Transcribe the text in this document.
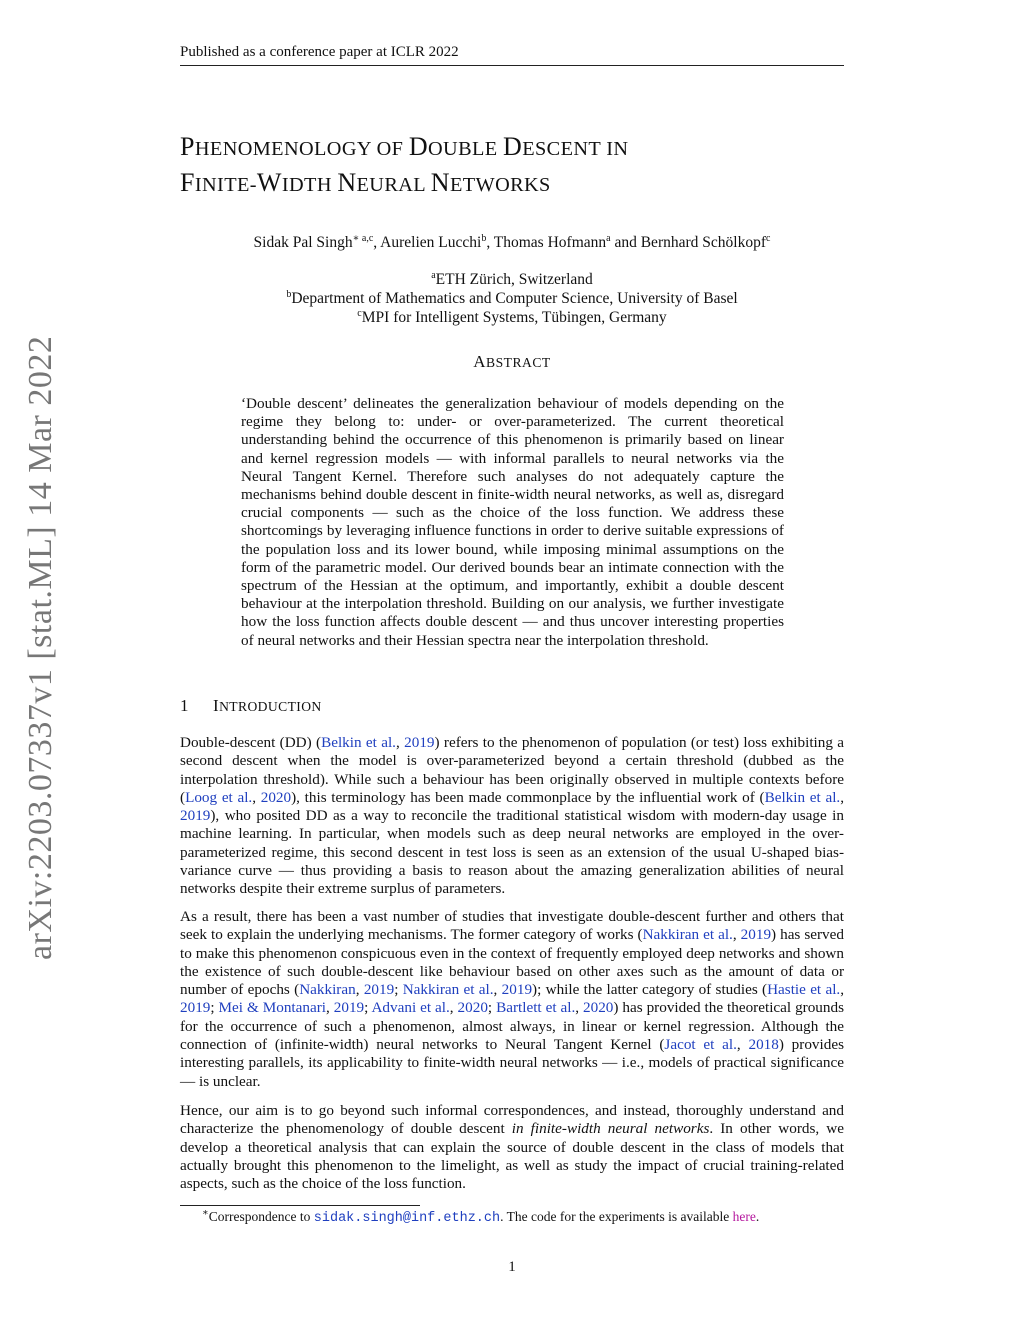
Published as a conference paper at ICLR 2022
arXiv:2203.07337v1 [stat.ML] 14 Mar 2022
PHENOMENOLOGY OF DOUBLE DESCENT IN
FINITE-WIDTH NEURAL NETWORKS
Sidak Pal Singh$^{∗ a,c}$, Aurelien Lucchi$^b$, Thomas Hofmann$^a$ and Bernhard Schölkopf$^c$
$^a$ETH Zürich, Switzerland
$^b$Department of Mathematics and Computer Science, University of Basel
$^c$MPI for Intelligent Systems, Tübingen, Germany
ABSTRACT

‘Double descent’ delineates the generalization behaviour of models depending on the regime they belong to: under- or over-parameterized. The current theoretical understanding behind the occurrence of this phenomenon is primarily based on linear and kernel regression models — with informal parallels to neural networks via the Neural Tangent Kernel. Therefore such analyses do not adequately capture the mechanisms behind double descent in finite-width neural networks, as well as, disregard crucial components — such as the choice of the loss function. We address these shortcomings by leveraging influence functions in order to derive suitable expressions of the population loss and its lower bound, while imposing minimal assumptions on the form of the parametric model. Our derived bounds bear an intimate connection with the spectrum of the Hessian at the optimum, and importantly, exhibit a double descent behaviour at the interpolation threshold. Building on our analysis, we further investigate how the loss function affects double descent — and thus uncover interesting properties of neural networks and their Hessian spectra near the interpolation threshold.

1 INTRODUCTION

Double-descent (DD) (Belkin et al., 2019) refers to the phenomenon of population (or test) loss exhibiting a second descent when the model is over-parameterized beyond a certain threshold (dubbed as the interpolation threshold). While such a behaviour has been originally observed in multiple contexts before (Loog et al., 2020), this terminology has been made commonplace by the influential work of (Belkin et al., 2019), who posited DD as a way to reconcile the traditional statistical wisdom with modern-day usage in machine learning. In particular, when models such as deep neural networks are employed in the over-parameterized regime, this second descent in test loss is seen as an extension of the usual U-shaped bias-variance curve — thus providing a basis to reason about the amazing generalization abilities of neural networks despite their extreme surplus of parameters.

As a result, there has been a vast number of studies that investigate double-descent further and others that seek to explain the underlying mechanisms. The former category of works (Nakkiran et al., 2019) has served to make this phenomenon conspicuous even in the context of frequently employed deep networks and shown the existence of such double-descent like behaviour based on other axes such as the amount of data or number of epochs (Nakkiran, 2019; Nakkiran et al., 2019); while the latter category of studies (Hastie et al., 2019; Mei & Montanari, 2019; Advani et al., 2020; Bartlett et al., 2020) has provided the theoretical grounds for the occurrence of such a phenomenon, almost always, in linear or kernel regression. Although the connection of (infinite-width) neural networks to Neural Tangent Kernel (Jacot et al., 2018) provides interesting parallels, its applicability to finite-width neural networks — i.e., models of practical significance — is unclear.

Hence, our aim is to go beyond such informal correspondences, and instead, thoroughly understand and characterize the phenomenology of double descent in finite-width neural networks. In other words, we develop a theoretical analysis that can explain the source of double descent in the class of models that actually brought this phenomenon to the limelight, as well as study the impact of crucial training-related aspects, such as the choice of the loss function.

∗Correspondence to sidak.singh@inf.ethz.ch. The code for the experiments is available here.
1
